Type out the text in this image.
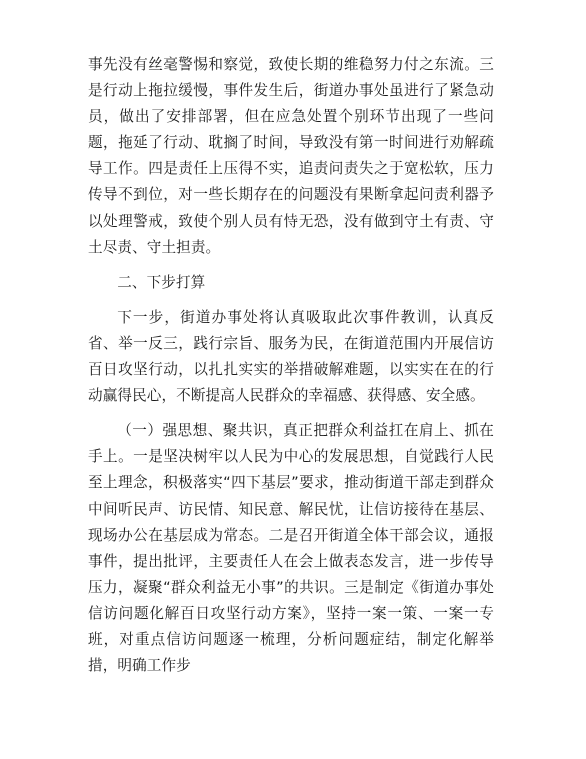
事先没有丝毫警惕和察觉，致使长期的维稳努力付之东流。三是行动上拖拉缓慢，事件发生后，街道办事处虽进行了紧急动员，做出了安排部署，但在应急处置个别环节出现了一些问题，拖延了行动、耽搁了时间，导致没有第一时间进行劝解疏导工作。四是责任上压得不实，追责问责失之于宽松软，压力传导不到位，对一些长期存在的问题没有果断拿起问责利器予以处理警戒，致使个别人员有恃无恐，没有做到守土有责、守土尽责、守土担责。

二、下步打算

下一步，街道办事处将认真吸取此次事件教训，认真反省、举一反三，践行宗旨、服务为民，在街道范围内开展信访百日攻坚行动，以扎扎实实的举措破解难题，以实实在在的行动赢得民心，不断提高人民群众的幸福感、获得感、安全感。

（一）强思想、聚共识，真正把群众利益扛在肩上、抓在手上。一是坚决树牢以人民为中心的发展思想，自觉践行人民至上理念，积极落实“四下基层”要求，推动街道干部走到群众中间听民声、访民情、知民意、解民忧，让信访接待在基层、现场办公在基层成为常态。二是召开街道全体干部会议，通报事件，提出批评，主要责任人在会上做表态发言，进一步传导压力，凝聚“群众利益无小事”的共识。三是制定《街道办事处信访问题化解百日攻坚行动方案》，坚持一案一策、一案一专班，对重点信访问题逐一梳理，分析问题症结，制定化解举措，明确工作步
